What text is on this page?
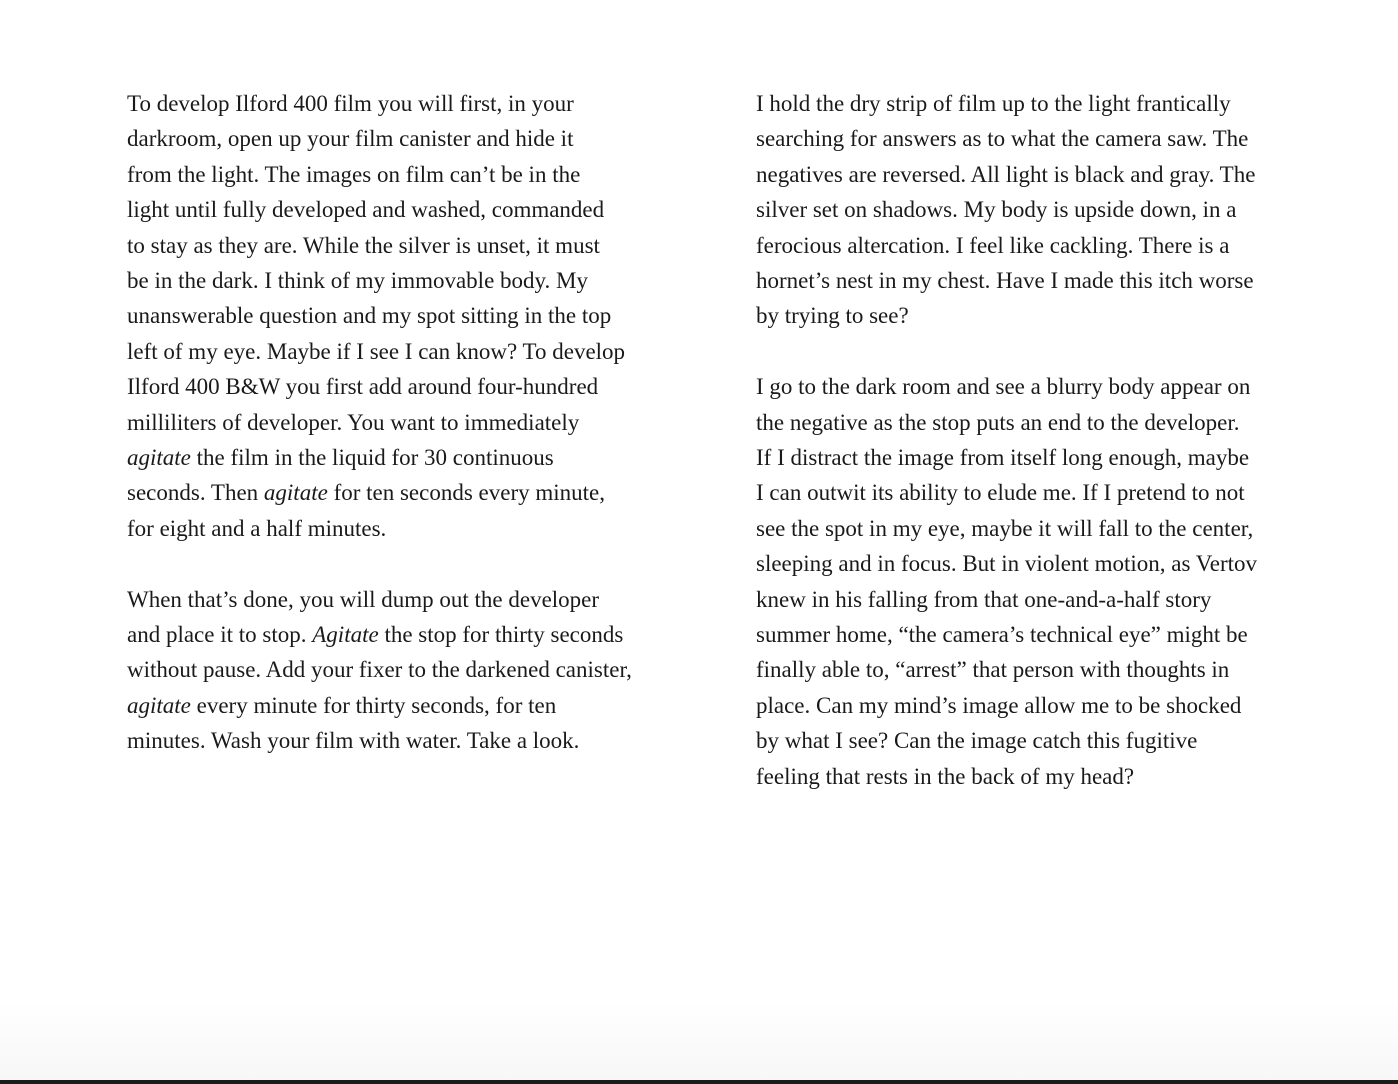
To develop Ilford 400 film you will first, in your
darkroom, open up your film canister and hide it
from the light. The images on film can’t be in the
light until fully developed and washed, commanded
to stay as they are. While the silver is unset, it must
be in the dark. I think of my immovable body. My
unanswerable question and my spot sitting in the top
left of my eye. Maybe if I see I can know? To develop
Ilford 400 B&W you first add around four-hundred
milliliters of developer. You want to immediately
agitate the film in the liquid for 30 continuous
seconds. Then agitate for ten seconds every minute,
for eight and a half minutes.

When that’s done, you will dump out the developer
and place it to stop. Agitate the stop for thirty seconds
without pause. Add your fixer to the darkened canister,
agitate every minute for thirty seconds, for ten
minutes. Wash your film with water. Take a look.

I hold the dry strip of film up to the light frantically
searching for answers as to what the camera saw. The
negatives are reversed. All light is black and gray. The
silver set on shadows. My body is upside down, in a
ferocious altercation. I feel like cackling. There is a
hornet’s nest in my chest. Have I made this itch worse
by trying to see?

I go to the dark room and see a blurry body appear on
the negative as the stop puts an end to the developer.
If I distract the image from itself long enough, maybe
I can outwit its ability to elude me. If I pretend to not
see the spot in my eye, maybe it will fall to the center,
sleeping and in focus. But in violent motion, as Vertov
knew in his falling from that one-and-a-half story
summer home, “the camera’s technical eye” might be
finally able to, “arrest” that person with thoughts in
place. Can my mind’s image allow me to be shocked
by what I see? Can the image catch this fugitive
feeling that rests in the back of my head?
